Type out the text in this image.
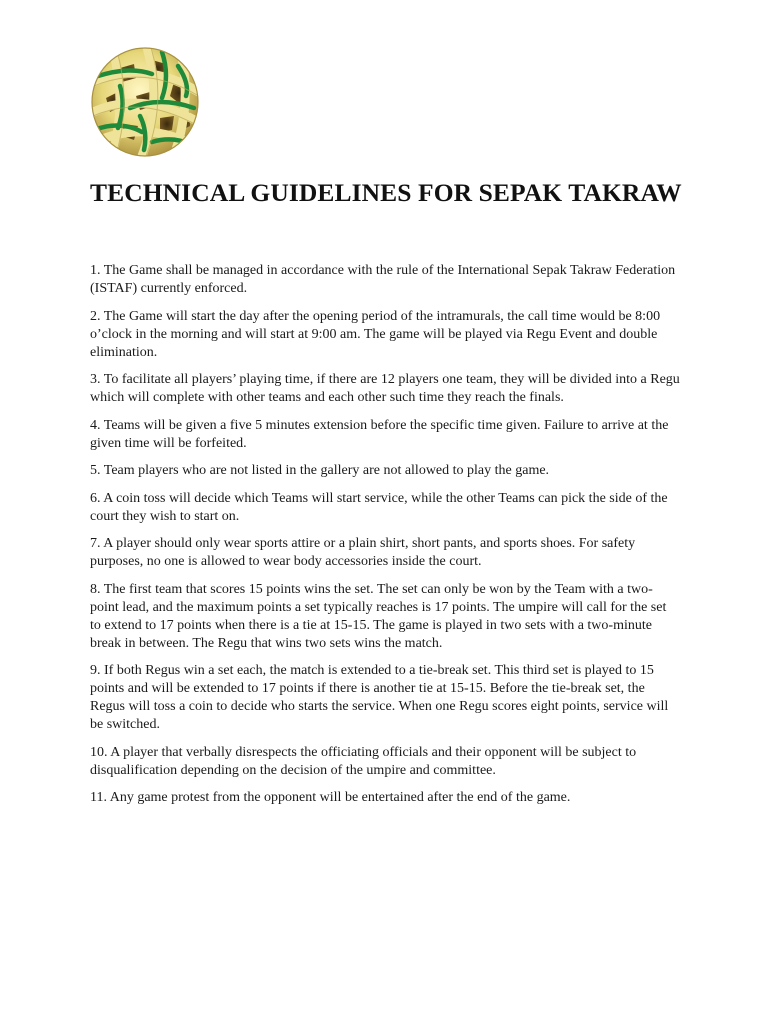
TECHNICAL GUIDELINES FOR SEPAK TAKRAW
1. The Game shall be managed in accordance with the rule of the International Sepak Takraw Federation (ISTAF) currently enforced.
2. The Game will start the day after the opening period of the intramurals, the call time would be 8:00 o’clock in the morning and will start at 9:00 am. The game will be played via Regu Event and double elimination.
3. To facilitate all players’ playing time, if there are 12 players one team, they will be divided into a Regu which will complete with other teams and each other such time they reach the finals.
4. Teams will be given a five 5 minutes extension before the specific time given. Failure to arrive at the given time will be forfeited.
5. Team players who are not listed in the gallery are not allowed to play the game.
6. A coin toss will decide which Teams will start service, while the other Teams can pick the side of the court they wish to start on.
7. A player should only wear sports attire or a plain shirt, short pants, and sports shoes. For safety purposes, no one is allowed to wear body accessories inside the court.
8. The first team that scores 15 points wins the set. The set can only be won by the Team with a two-point lead, and the maximum points a set typically reaches is 17 points. The umpire will call for the set to extend to 17 points when there is a tie at 15-15. The game is played in two sets with a two-minute break in between. The Regu that wins two sets wins the match.
9. If both Regus win a set each, the match is extended to a tie-break set. This third set is played to 15 points and will be extended to 17 points if there is another tie at 15-15. Before the tie-break set, the Regus will toss a coin to decide who starts the service. When one Regu scores eight points, service will be switched.
10. A player that verbally disrespects the officiating officials and their opponent will be subject to disqualification depending on the decision of the umpire and committee.
11. Any game protest from the opponent will be entertained after the end of the game.
